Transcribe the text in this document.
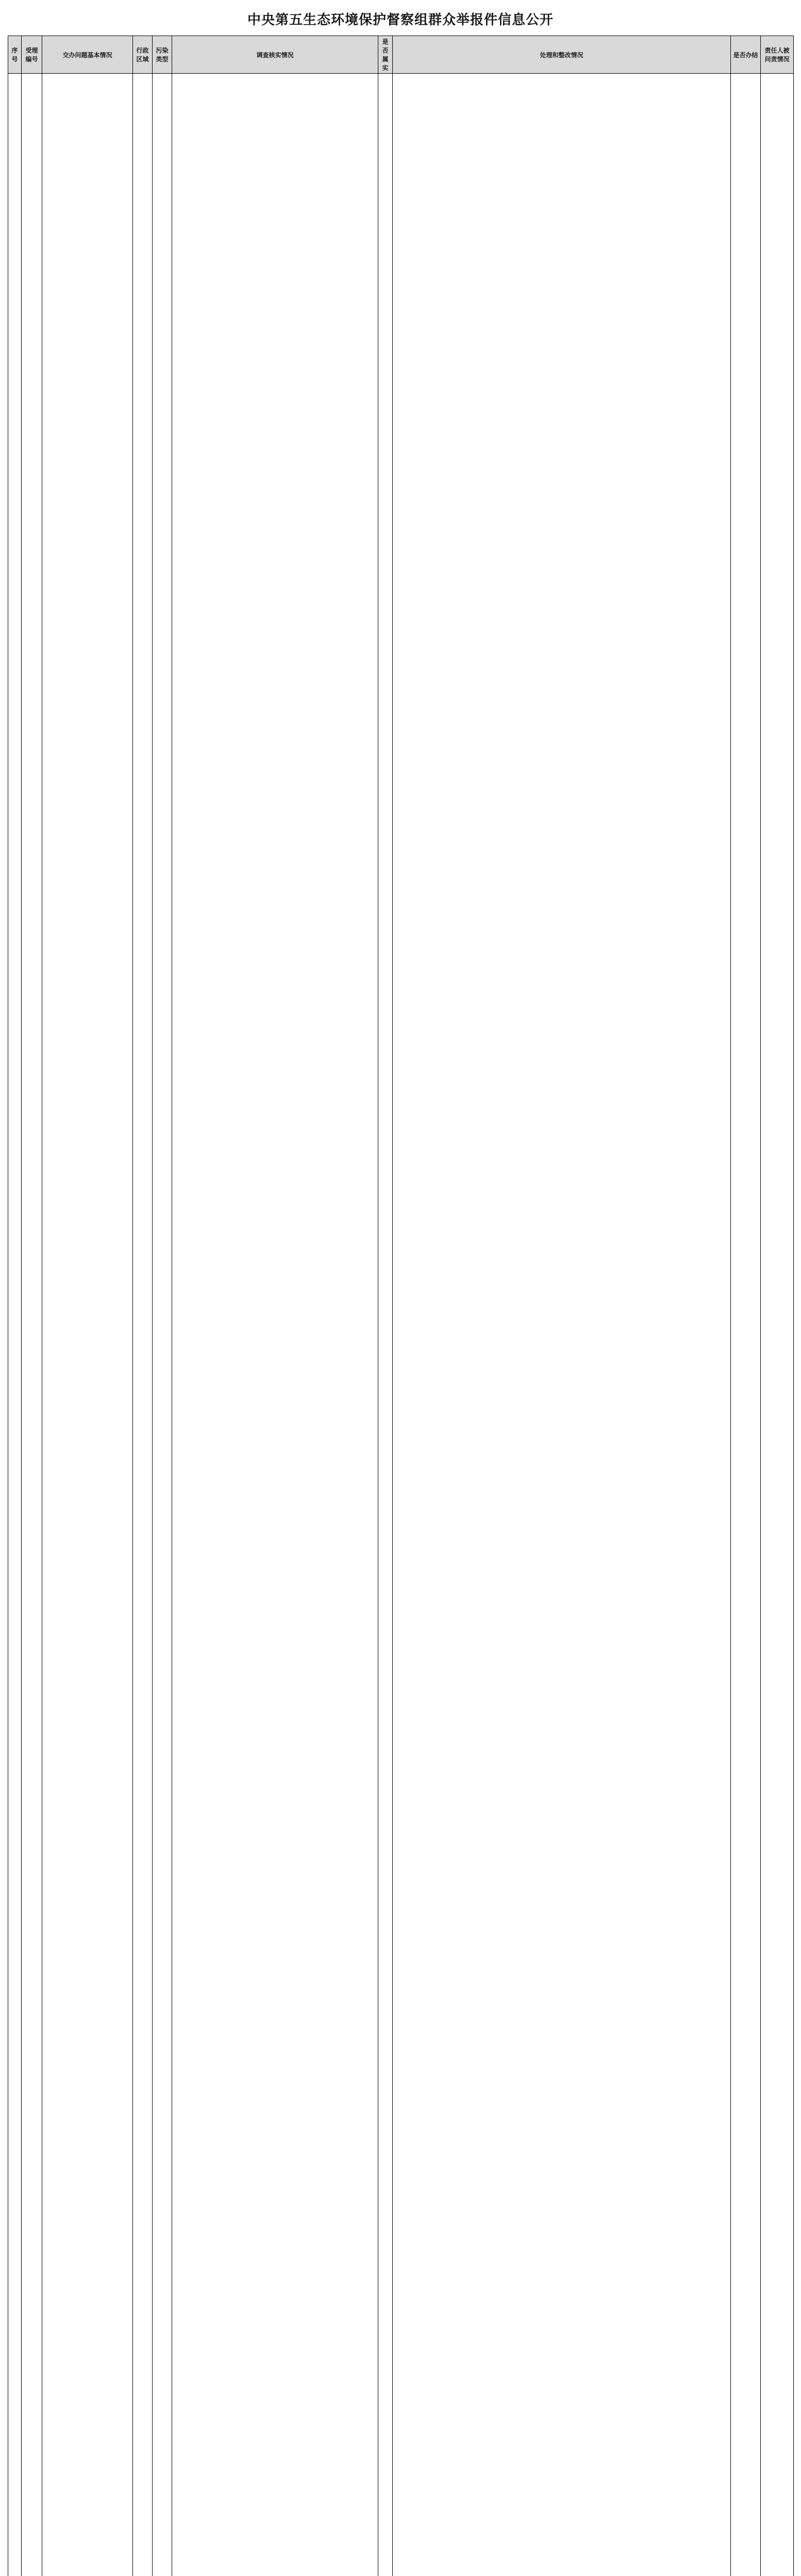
中央第五生态环境保护督察组群众举报件信息公开
序号	受理编号	交办问题基本情况	行政区域	污染类型	调查核实情况	是否属实	处理和整改情况	是否办结	责任人被问责情况
